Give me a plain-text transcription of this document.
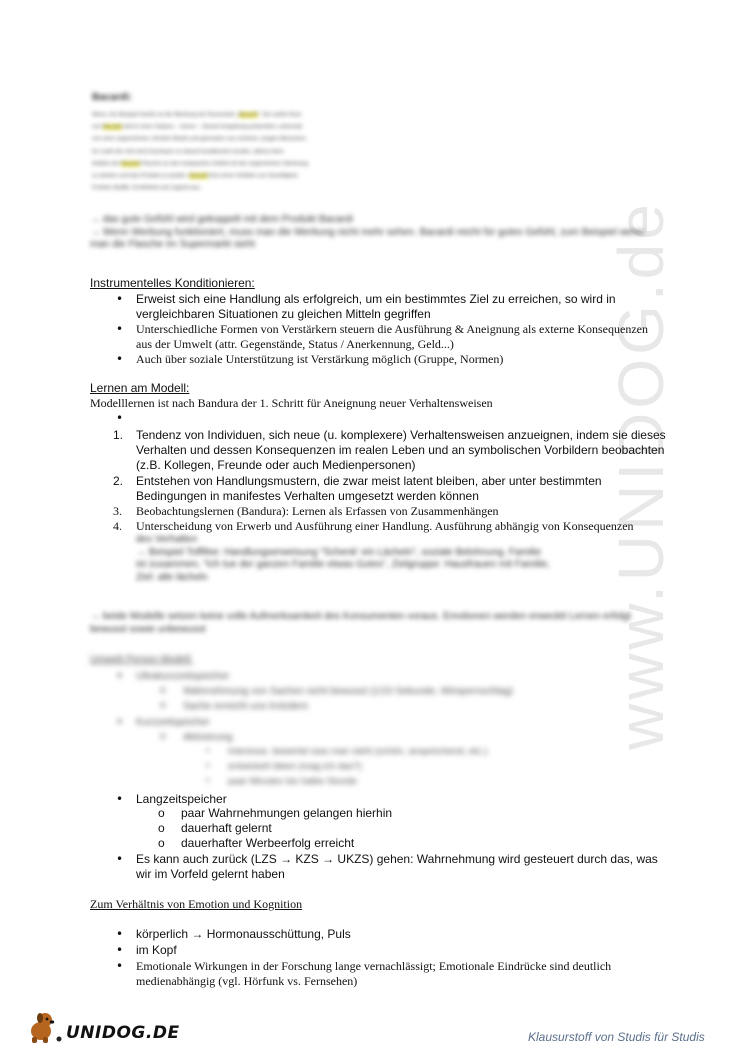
www.UNIDOG.de
Bacardi:
Wenn, Ein Beispiel hierfür ist die Werbung der Rummarke „Bacardi“. Der weiße Rum
von Bacardi wird in einer Südsee – Szene – Strand Umgebung präsentiert, untermalt
von einer angenehmen, leichten Musik und getrunken von schönen, jungen Menschen.
Im Laufe der Zeit sind Zuschauer so darauf konditioniert worden, alleine beim
Anblick der Bacardi Flasche an den entspannte Umfeld mit der angenehmen Stimmung
zu denken und das Produkt zu kaufen. Bacardi löst schon Gefühle von Geselligkeit,
Freiheit, Badife, Ernöhtheit und Jugend aus.
→ das gute Gefühl wird gekoppelt mit dem Produkt Bacardi
→ Wenn Werbung funktioniert, muss man die Werbung nicht mehr sehen. Bacardi reicht für gutes Gefühl, zum Beispiel wenn man die Flasche im Supermarkt sieht
Instrumentelles Konditionieren:
•
Erweist sich eine Handlung als erfolgreich, um ein bestimmtes Ziel zu erreichen, so wird in vergleichbaren Situationen zu gleichen Mitteln gegriffen
•
Unterschiedliche Formen von Verstärkern steuern die Ausführung & Aneignung als externe Konsequenzen aus der Umwelt (attr. Gegenstände, Status / Anerkennung, Geld...)
•
Auch über soziale Unterstützung ist Verstärkung möglich (Gruppe, Normen)
Lernen am Modell:
Modelllernen ist nach Bandura der 1. Schritt für Aneignung neuer Verhaltensweisen
•
1. Tendenz von Individuen, sich neue (u. komplexere) Verhaltensweisen anzueignen, indem sie dieses Verhalten und dessen Konsequenzen im realen Leben und an symbolischen Vorbildern beobachten (z.B. Kollegen, Freunde oder auch Medienpersonen)
2. Entstehen von Handlungsmustern, die zwar meist latent bleiben, aber unter bestimmten Bedingungen in manifestes Verhalten umgesetzt werden können
3. Beobachtungslernen (Bandura): Lernen als Erfassen von Zusammenhängen
4. Unterscheidung von Erwerb und Ausführung einer Handlung. Ausführung abhängig von Konsequenzen
des Verhalten
→ Beispiel Toffifee: Handlungserweisung “Schenk’ ein Lächeln”, soziale Belohnung, Familie
ist zusammen, “Ich tue der ganzen Familie etwas Gutes”, Zielgruppe: Hausfrauen mit Familie,
Ziel: alle lächeln
→ beide Modelle setzen keine volle Aufmerksamkeit des Konsumenten voraus. Emotionen werden erwecktt Lernen erfolgt bewusst sowie unbewusst
Umwelt Person Modell:
•
Ultrakurzzeitspeicher
o Wahrnehmung von Sachen nicht bewusst (1/10 Sekunde, Wimpernschlag)
o Sache erreicht uns trotzdem
•
Kurzzeitspeicher
o Aktivierung
▪ Interesse, bewertet was man sieht (schön, ansprechend, etc.)
▪ entwickelt Ideen (mag ich das?)
▪ paar Minuten bis halbe Stunde
•
Langzeitspeicher
o paar Wahrnehmungen gelangen hierhin
o dauerhaft gelernt
o dauerhafter Werbeerfolg erreicht
•
Es kann auch zurück (LZS → KZS → UKZS) gehen: Wahrnehmung wird gesteuert durch das, was wir im Vorfeld gelernt haben
Zum Verhältnis von Emotion und Kognition
•
körperlich → Hormonausschüttung, Puls
•
im Kopf
•
Emotionale Wirkungen in der Forschung lange vernachlässigt; Emotionale Eindrücke sind deutlich medienabhängig (vgl. Hörfunk vs. Fernsehen)
UNIDOG.DE	Klausurstoff von Studis für Studis
